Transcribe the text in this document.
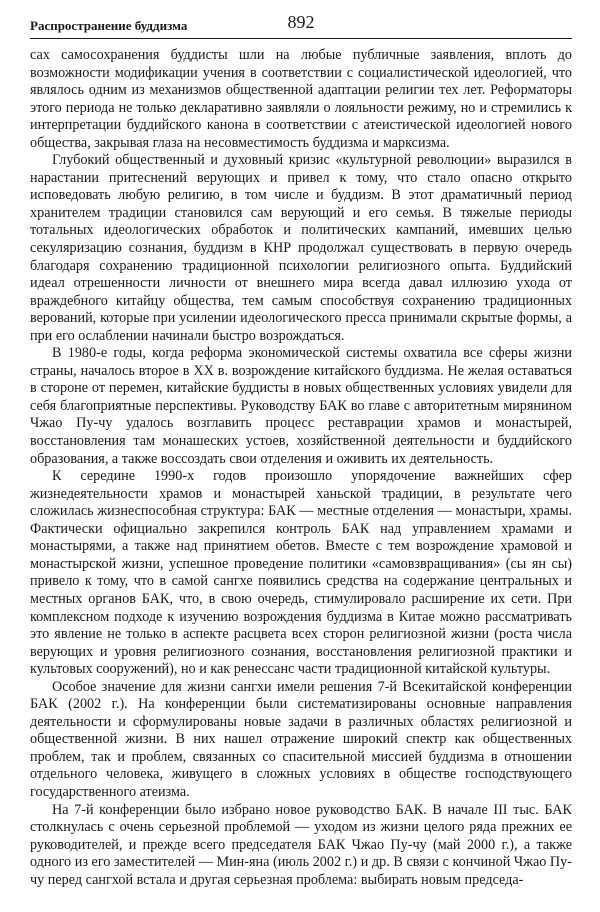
Распространение буддизма	892

сах самосохранения буддисты шли на любые публичные заявления, вплоть до возможности модификации учения в соответствии с социалистической идеологией, что являлось одним из механизмов общественной адаптации религии тех лет. Реформаторы этого периода не только декларативно заявляли о лояльности режиму, но и стремились к интерпретации буддийского канона в соответствии с атеистической идеологией нового общества, закрывая глаза на несовместимость буддизма и марксизма.

Глубокий общественный и духовный кризис «культурной революции» выразился в нарастании притеснений верующих и привел к тому, что стало опасно открыто исповедовать любую религию, в том числе и буддизм. В этот драматичный период хранителем традиции становился сам верующий и его семья. В тяжелые периоды тотальных идеологических обработок и политических кампаний, имевших целью секуляризацию сознания, буддизм в КНР продолжал существовать в первую очередь благодаря сохранению традиционной психологии религиозного опыта. Буддийский идеал отрешенности личности от внешнего мира всегда давал иллюзию ухода от враждебного китайцу общества, тем самым способствуя сохранению традиционных верований, которые при усилении идеологического пресса принимали скрытые формы, а при его ослаблении начинали быстро возрождаться.

В 1980-е годы, когда реформа экономической системы охватила все сферы жизни страны, началось второе в XX в. возрождение китайского буддизма. Не желая оставаться в стороне от перемен, китайские буддисты в новых общественных условиях увидели для себя благоприятные перспективы. Руководству БАК во главе с авторитетным мирянином Чжао Пу-чу удалось возглавить процесс реставрации храмов и монастырей, восстановления там монашеских устоев, хозяйственной деятельности и буддийского образования, а также воссоздать свои отделения и оживить их деятельность.

К середине 1990-х годов произошло упорядочение важнейших сфер жизнедеятельности храмов и монастырей ханьской традиции, в результате чего сложилась жизнеспособная структура: БАК — местные отделения — монастыри, храмы. Фактически официально закрепился контроль БАК над управлением храмами и монастырями, а также над принятием обетов. Вместе с тем возрождение храмовой и монастырской жизни, успешное проведение политики «самовзвращивания» (сы ян сы) привело к тому, что в самой сангхе появились средства на содержание центральных и местных органов БАК, что, в свою очередь, стимулировало расширение их сети. При комплексном подходе к изучению возрождения буддизма в Китае можно рассматривать это явление не только в аспекте расцвета всех сторон религиозной жизни (роста числа верующих и уровня религиозного сознания, восстановления религиозной практики и культовых сооружений), но и как ренессанс части традиционной китайской культуры.

Особое значение для жизни сангхи имели решения 7-й Всекитайской конференции БАК (2002 г.). На конференции были систематизированы основные направления деятельности и сформулированы новые задачи в различных областях религиозной и общественной жизни. В них нашел отражение широкий спектр как общественных проблем, так и проблем, связанных со спасительной миссией буддизма в отношении отдельного человека, живущего в сложных условиях в обществе господствующего государственного атеизма.

На 7-й конференции было избрано новое руководство БАК. В начале III тыс. БАК столкнулась с очень серьезной проблемой — уходом из жизни целого ряда прежних ее руководителей, и прежде всего председателя БАК Чжао Пу-чу (май 2000 г.), а также одного из его заместителей — Мин-яна (июль 2002 г.) и др. В связи с кончиной Чжао Пу-чу перед сангхой встала и другая серьезная проблема: выбирать новым председа-
